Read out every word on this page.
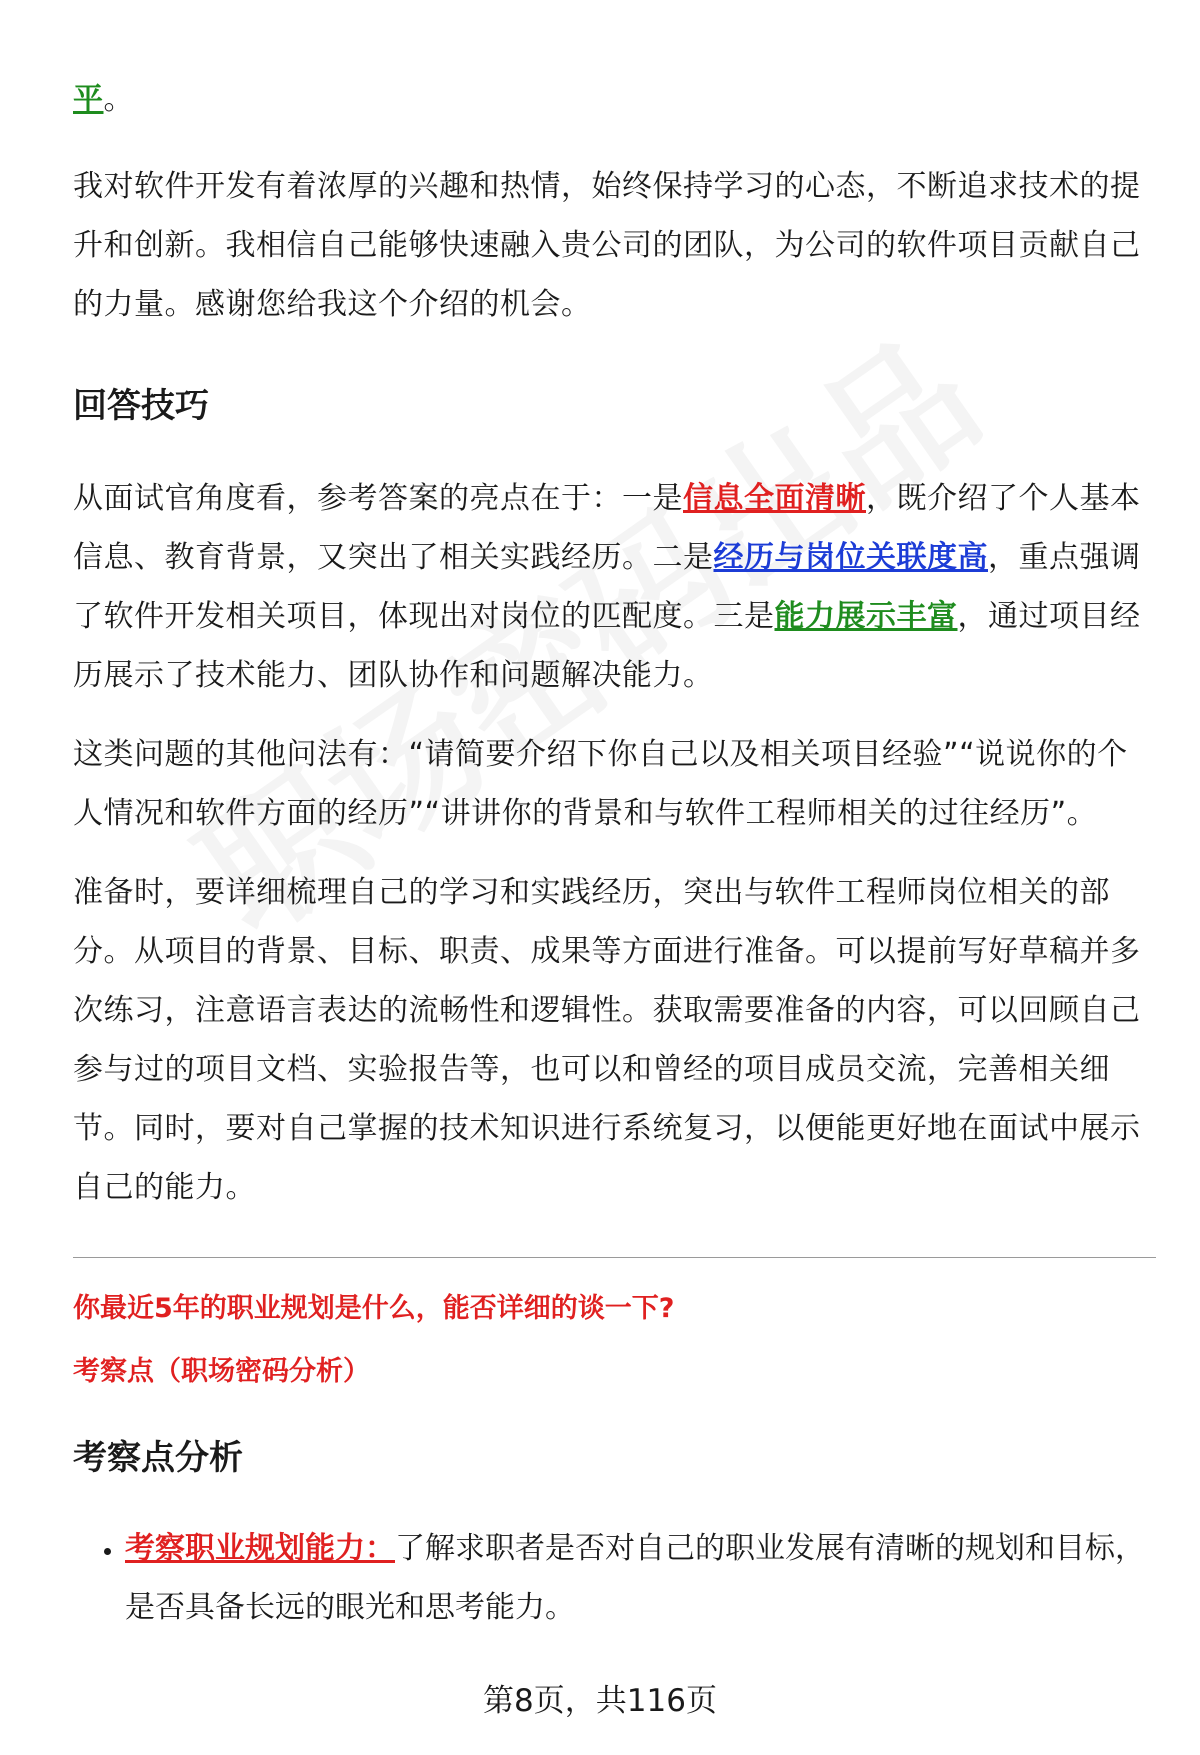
平。

我对软件开发有着浓厚的兴趣和热情，始终保持学习的心态，不断追求技术的提升和创新。我相信自己能够快速融入贵公司的团队，为公司的软件项目贡献自己的力量。感谢您给我这个介绍的机会。

回答技巧

从面试官角度看，参考答案的亮点在于：一是信息全面清晰，既介绍了个人基本信息、教育背景，又突出了相关实践经历。二是经历与岗位关联度高，重点强调了软件开发相关项目，体现出对岗位的匹配度。三是能力展示丰富，通过项目经历展示了技术能力、团队协作和问题解决能力。

这类问题的其他问法有：“请简要介绍下你自己以及相关项目经验”“说说你的个人情况和软件方面的经历”“讲讲你的背景和与软件工程师相关的过往经历”。

准备时，要详细梳理自己的学习和实践经历，突出与软件工程师岗位相关的部分。从项目的背景、目标、职责、成果等方面进行准备。可以提前写好草稿并多次练习，注意语言表达的流畅性和逻辑性。获取需要准备的内容，可以回顾自己参与过的项目文档、实验报告等，也可以和曾经的项目成员交流，完善相关细节。同时，要对自己掌握的技术知识进行系统复习，以便能更好地在面试中展示自己的能力。

你最近5年的职业规划是什么，能否详细的谈一下?

考察点（职场密码分析）

考察点分析
• 考察职业规划能力：了解求职者是否对自己的职业发展有清晰的规划和目标，是否具备长远的眼光和思考能力。
第8页，共116页
